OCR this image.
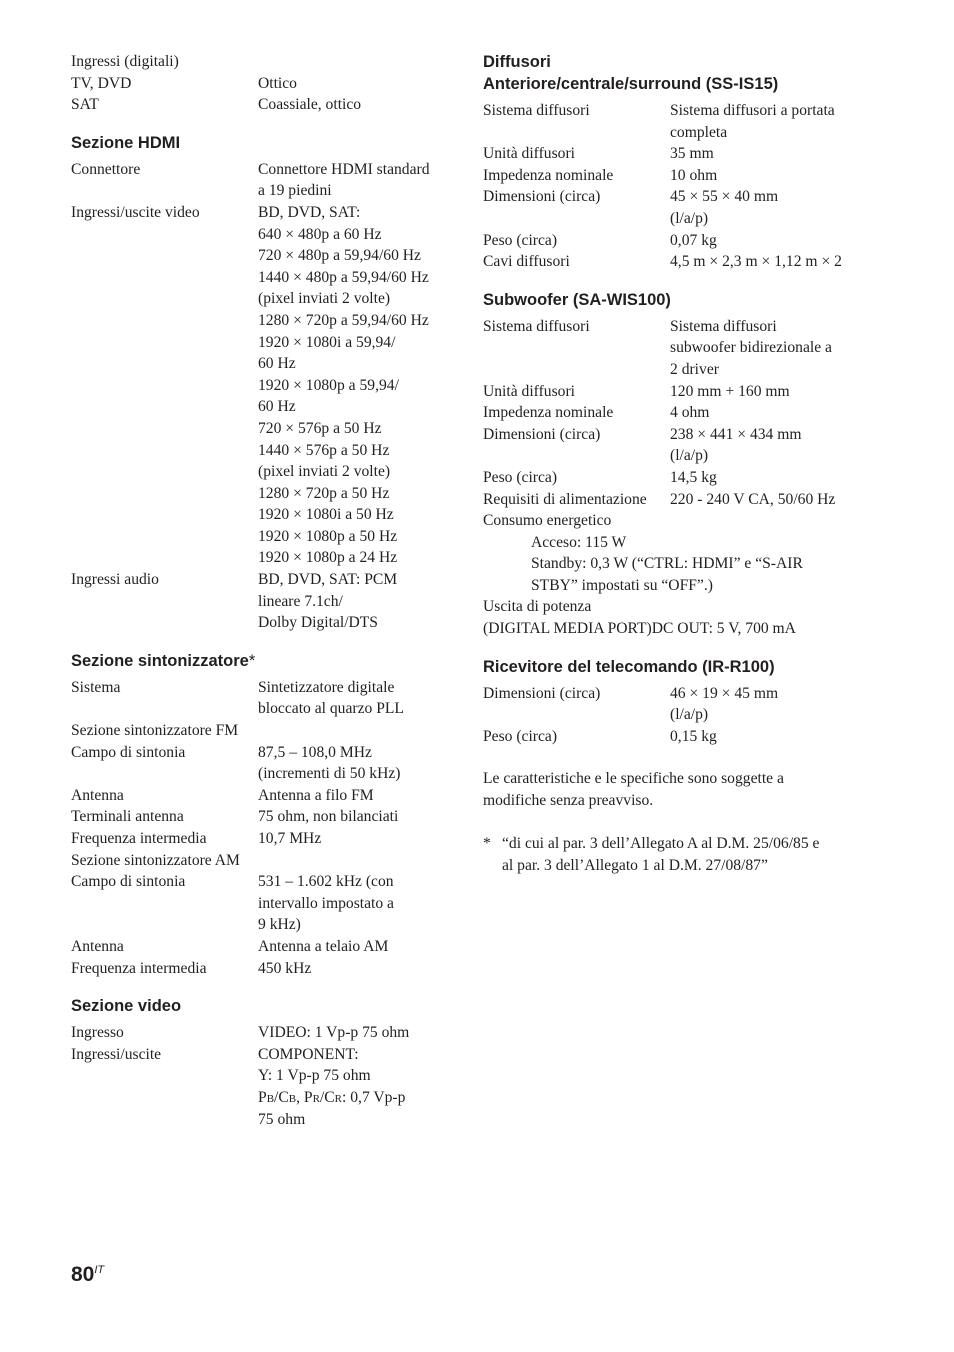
Ingressi (digitali)
TV, DVD	Ottico
SAT	Coassiale, ottico
Sezione HDMI
Connettore	Connettore HDMI standard
a 19 piedini
Ingressi/uscite video	BD, DVD, SAT:
640 × 480p a 60 Hz
720 × 480p a 59,94/60 Hz
1440 × 480p a 59,94/60 Hz
(pixel inviati 2 volte)
1280 × 720p a 59,94/60 Hz
1920 × 1080i a 59,94/
60 Hz
1920 × 1080p a 59,94/
60 Hz
720 × 576p a 50 Hz
1440 × 576p a 50 Hz
(pixel inviati 2 volte)
1280 × 720p a 50 Hz
1920 × 1080i a 50 Hz
1920 × 1080p a 50 Hz
1920 × 1080p a 24 Hz
Ingressi audio	BD, DVD, SAT: PCM
lineare 7.1ch/
Dolby Digital/DTS
Sezione sintonizzatore*
Sistema	Sintetizzatore digitale
bloccato al quarzo PLL
Sezione sintonizzatore FM
Campo di sintonia	87,5 – 108,0 MHz
(incrementi di 50 kHz)
Antenna	Antenna a filo FM
Terminali antenna	75 ohm, non bilanciati
Frequenza intermedia	10,7 MHz
Sezione sintonizzatore AM
Campo di sintonia	531 – 1.602 kHz (con
intervallo impostato a
9 kHz)
Antenna	Antenna a telaio AM
Frequenza intermedia	450 kHz
Sezione video
Ingresso	VIDEO: 1 Vp-p 75 ohm
Ingressi/uscite	COMPONENT:
Y: 1 Vp-p 75 ohm
PB/CB, PR/CR: 0,7 Vp-p
75 ohm
Diffusori
Anteriore/centrale/surround (SS-IS15)
Sistema diffusori	Sistema diffusori a portata
completa
Unità diffusori	35 mm
Impedenza nominale	10 ohm
Dimensioni (circa)	45 × 55 × 40 mm
(l/a/p)
Peso (circa)	0,07 kg
Cavi diffusori	4,5 m × 2,3 m × 1,12 m × 2
Subwoofer (SA-WIS100)
Sistema diffusori	Sistema diffusori
subwoofer bidirezionale a
2 driver
Unità diffusori	120 mm + 160 mm
Impedenza nominale	4 ohm
Dimensioni (circa)	238 × 441 × 434 mm
(l/a/p)
Peso (circa)	14,5 kg
Requisiti di alimentazione 220 - 240 V CA, 50/60 Hz
Consumo energetico
Acceso: 115 W
Standby: 0,3 W (“CTRL: HDMI” e “S-AIR
STBY” impostati su “OFF”.)
Uscita di potenza
(DIGITAL MEDIA PORT)DC OUT: 5 V, 700 mA
Ricevitore del telecomando (IR-R100)
Dimensioni (circa)	46 × 19 × 45 mm
(l/a/p)
Peso (circa)	0,15 kg
Le caratteristiche e le specifiche sono soggette a
modifiche senza preavviso.
* “di cui al par. 3 dell’Allegato A al D.M. 25/06/85 e
al par. 3 dell’Allegato 1 al D.M. 27/08/87”
$80^{IT}$
